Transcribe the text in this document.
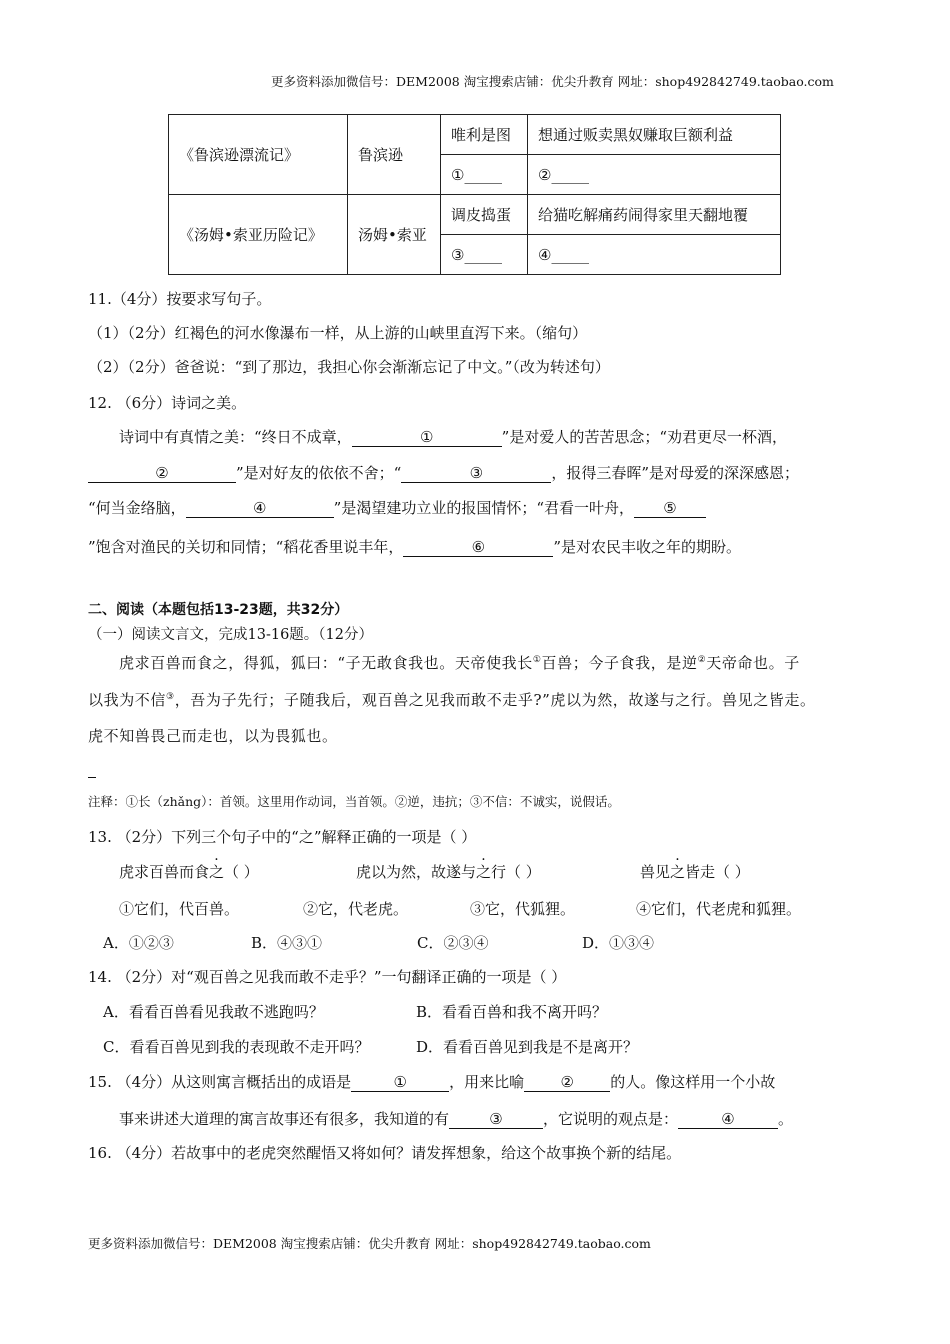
更多资料添加微信号：DEM2008 淘宝搜索店铺：优尖升教育 网址：shop492842749.taobao.com
《鲁滨逊漂流记》	鲁滨逊	唯利是图	想通过贩卖黑奴赚取巨额利益
		①_____	②_____
《汤姆•索亚历险记》	汤姆•索亚	调皮捣蛋	给猫吃解痛药闹得家里天翻地覆
		③_____	④_____
11.（4分）按要求写句子。
（1）（2分）红褐色的河水像瀑布一样，从上游的山峡里直泻下来。（缩句）
（2）（2分）爸爸说：“到了那边，我担心你会渐渐忘记了中文。”（改为转述句）
12. （6分）诗词之美。
诗词中有真情之美：“终日不成章，	①	”是对爱人的苦苦思念；“劝君更尽一杯酒，
②	”是对好友的依依不舍；“	③	，报得三春晖”是对母爱的深深感恩；
“何当金络脑，	④	”是渴望建功立业的报国情怀；“君看一叶舟， ⑤
”饱含对渔民的关切和同情；“稻花香里说丰年，	⑥	”是对农民丰收之年的期盼。
二、阅读（本题包括13-23题，共32分）
（一）阅读文言文，完成13-16题。（12分）
虎求百兽而食之，得狐，狐曰：“子无敢食我也。天帝使我长①百兽；今子食我，是逆②天帝命也。子
以我为不信③，吾为子先行；子随我后，观百兽之见我而敢不走乎?”虎以为然，故遂与之行。兽见之皆走。
虎不知兽畏己而走也，以为畏狐也。
注释：①长（zhǎng）：首领。这里用作动词，当首领。②逆，违抗；③不信：不诚实，说假话。
13. （2分）下列三个句子中的“之”解释正确的一项是（ ）
虎求百兽而食之（ ）	虎以为然，故遂与之行（ ）	兽见之皆走（ ）
①它们，代百兽。	②它，代老虎。	③它，代狐狸。	④它们，代老虎和狐狸。
A．①②③	B．④③①	C．②③④	D．①③④
14. （2分）对“观百兽之见我而敢不走乎？”一句翻译正确的一项是（ ）
A．看看百兽看见我敢不逃跑吗？	B．看看百兽和我不离开吗？
C．看看百兽见到我的表现敢不走开吗？	D．看看百兽见到我是不是离开？
15. （4分）从这则寓言概括出的成语是	①	，用来比喻 ② 的人。像这样用一个小故
事来讲述大道理的寓言故事还有很多，我知道的有	③	，它说明的观点是：	④	。
16. （4分）若故事中的老虎突然醒悟又将如何？请发挥想象，给这个故事换个新的结尾。
更多资料添加微信号：DEM2008 淘宝搜索店铺：优尖升教育 网址：shop492842749.taobao.com
